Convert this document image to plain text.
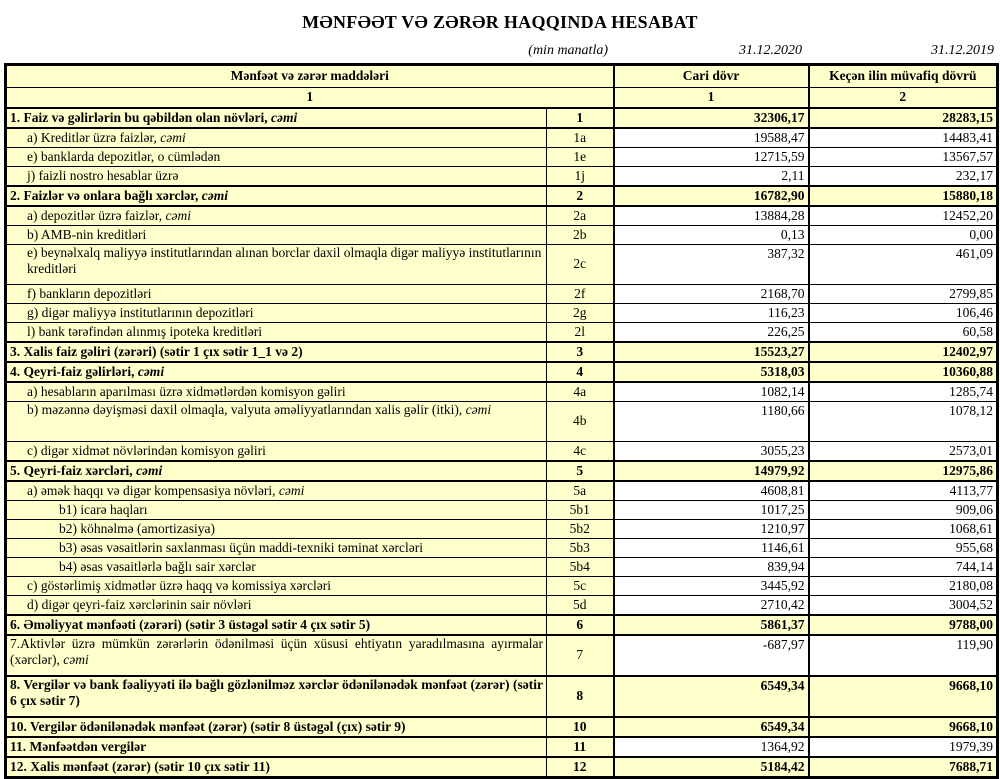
MƏNFƏƏT VƏ ZƏRƏR HAQQINDA HESABAT
(min manatla)	31.12.2020	31.12.2019
Mənfəət və zərər maddələri		Cari dövr	Keçən ilin müvafiq dövrü
1		1	2
1. Faiz və gəlirlərin bu qəbildən olan növləri, cəmi	1	32306,17	28283,15
a) Kreditlər üzrə faizlər, cəmi	1a	19588,47	14483,41
e) banklarda depozitlər, o cümlədən	1e	12715,59	13567,57
j) faizli nostro hesablar üzrə	1j	2,11	232,17
2. Faizlər və onlara bağlı xərclər, cəmi	2	16782,90	15880,18
a) depozitlər üzrə faizlər, cəmi	2a	13884,28	12452,20
b) AMB-nin kreditləri	2b	0,13	0,00
e) beynəlxalq maliyyə institutlarından alınan borclar daxil olmaqla digər maliyyə institutlarının kreditləri	2c	387,32	461,09
f) bankların depozitləri	2f	2168,70	2799,85
g) digər maliyyə institutlarının depozitləri	2g	116,23	106,46
l) bank tərəfindən alınmış ipoteka kreditləri	2l	226,25	60,58
3. Xalis faiz gəliri (zərəri) (sətir 1 çıx sətir 1_1 və 2)	3	15523,27	12402,97
4. Qeyri-faiz gəlirləri, cəmi	4	5318,03	10360,88
a) hesabların aparılması üzrə xidmətlərdən komisyon gəliri	4a	1082,14	1285,74
b) məzənnə dəyişməsi daxil olmaqla, valyuta əməliyyatlarından xalis gəlir (itki), cəmi	4b	1180,66	1078,12
c) digər xidmət növlərindən komisyon gəliri	4c	3055,23	2573,01
5. Qeyri-faiz xərcləri, cəmi	5	14979,92	12975,86
a) əmək haqqı və digər kompensasiya növləri, cəmi	5a	4608,81	4113,77
b1) icarə haqları	5b1	1017,25	909,06
b2) köhnəlmə (amortizasiya)	5b2	1210,97	1068,61
b3) əsas vəsaitlərin saxlanması üçün maddi-texniki təminat xərcləri	5b3	1146,61	955,68
b4) əsas vəsaitlərlə bağlı sair xərclər	5b4	839,94	744,14
c) göstərlimiş xidmətlər üzrə haqq və komissiya xərcləri	5c	3445,92	2180,08
d) digər qeyri-faiz xərclərinin sair növləri	5d	2710,42	3004,52
6. Əməliyyat mənfəəti (zərəri) (sətir 3 üstəgəl sətir 4 çıx sətir 5)	6	5861,37	9788,00
7.Aktivlər üzrə mümkün zərərlərin ödənilməsi üçün xüsusi ehtiyatın yaradılmasına ayırmalar (xərclər), cəmi	7	-687,97	119,90
8. Vergilər və bank fəaliyyəti ilə bağlı gözlənilməz xərclər ödənilənədək mənfəət (zərər) (sətir 6 çıx sətir 7)	8	6549,34	9668,10
10. Vergilər ödənilənədək mənfəət (zərər) (sətir 8 üstəgəl (çıx) sətir 9)	10	6549,34	9668,10
11. Mənfəətdən vergilər	11	1364,92	1979,39
12. Xalis mənfəət (zərər) (sətir 10 çıx sətir 11)	12	5184,42	7688,71
